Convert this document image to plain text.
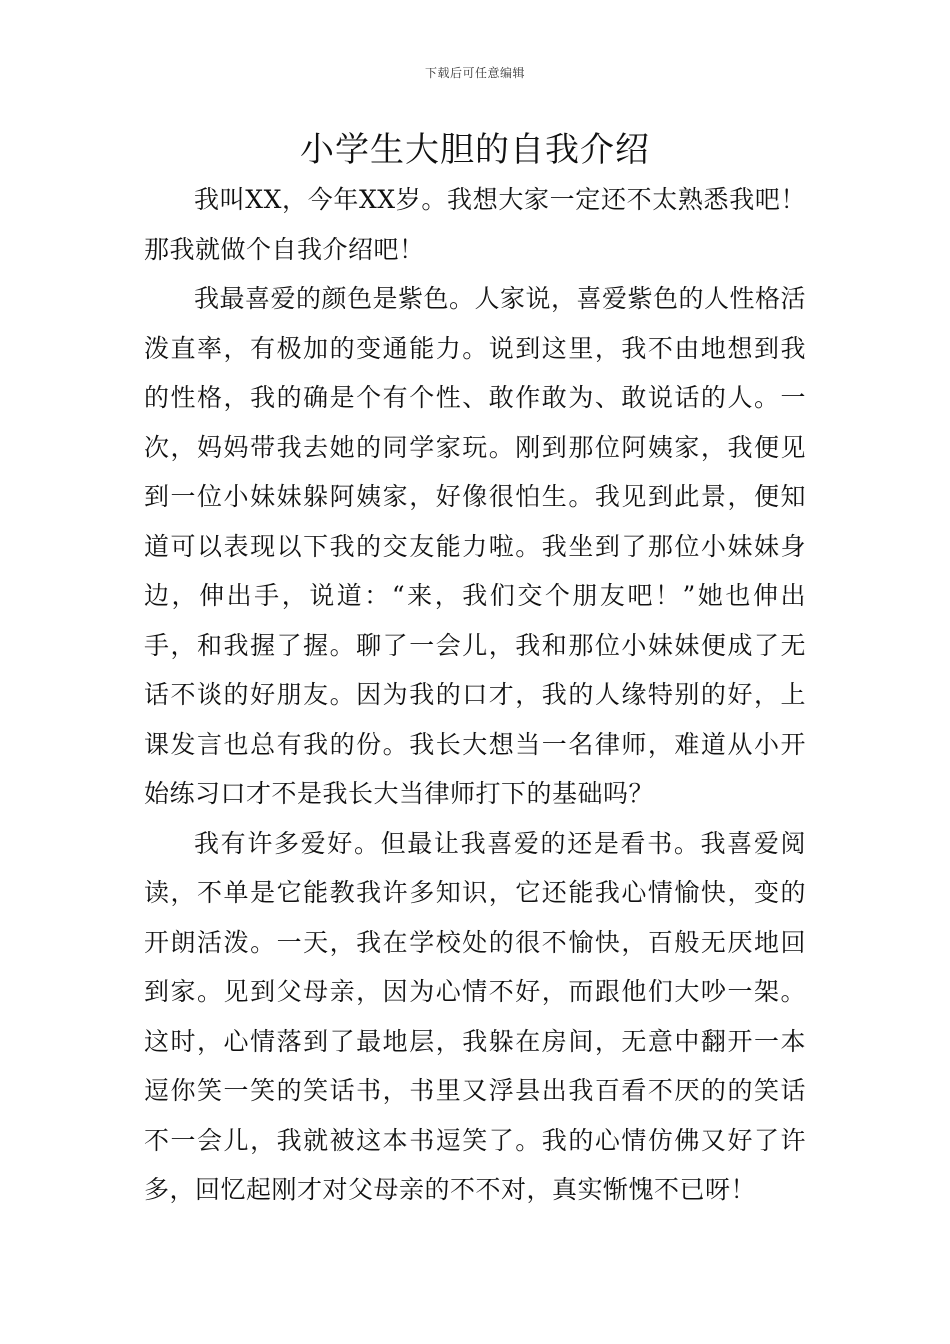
下载后可任意编辑
小学生大胆的自我介绍

我叫XX，今年XX岁。我想大家一定还不太熟悉我吧！那我就做个自我介绍吧！

我最喜爱的颜色是紫色。人家说，喜爱紫色的人性格活泼直率，有极加的变通能力。说到这里，我不由地想到我的性格，我的确是个有个性、敢作敢为、敢说话的人。一次，妈妈带我去她的同学家玩。刚到那位阿姨家，我便见到一位小妹妹躲阿姨家，好像很怕生。我见到此景，便知道可以表现以下我的交友能力啦。我坐到了那位小妹妹身边，伸出手，说道：“来，我们交个朋友吧！”她也伸出手，和我握了握。聊了一会儿，我和那位小妹妹便成了无话不谈的好朋友。因为我的口才，我的人缘特别的好，上课发言也总有我的份。我长大想当一名律师，难道从小开始练习口才不是我长大当律师打下的基础吗？

我有许多爱好。但最让我喜爱的还是看书。我喜爱阅读，不单是它能教我许多知识，它还能我心情愉快，变的开朗活泼。一天，我在学校处的很不愉快，百般无厌地回到家。见到父母亲，因为心情不好，而跟他们大吵一架。这时，心情落到了最地层，我躲在房间，无意中翻开一本逗你笑一笑的笑话书，书里又浮县出我百看不厌的的笑话不一会儿，我就被这本书逗笑了。我的心情仿佛又好了许多，回忆起刚才对父母亲的不不对，真实惭愧不已呀！
